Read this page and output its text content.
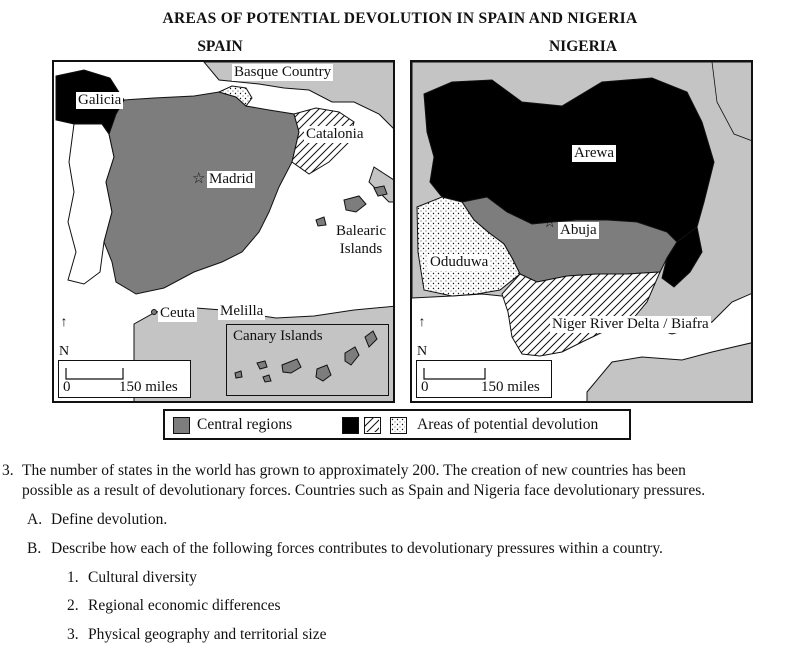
AREAS OF POTENTIAL DEVOLUTION IN SPAIN AND NIGERIA
SPAIN	NIGERIA
Basque Country
Galicia
Catalonia
☆ Madrid
Balearic Islands
Ceuta Melilla
Canary Islands
↑
N
0	150 miles
Arewa
☆ Abuja
Oduduwa
Niger River Delta / Biafra
↑
N
0	150 miles
Central regions	Areas of potential devolution
3. The number of states in the world has grown to approximately 200. The creation of new countries has been
possible as a result of devolutionary forces. Countries such as Spain and Nigeria face devolutionary pressures.
A. Define devolution.
B. Describe how each of the following forces contributes to devolutionary pressures within a country.
1. Cultural diversity
2. Regional economic differences
3. Physical geography and territorial size
